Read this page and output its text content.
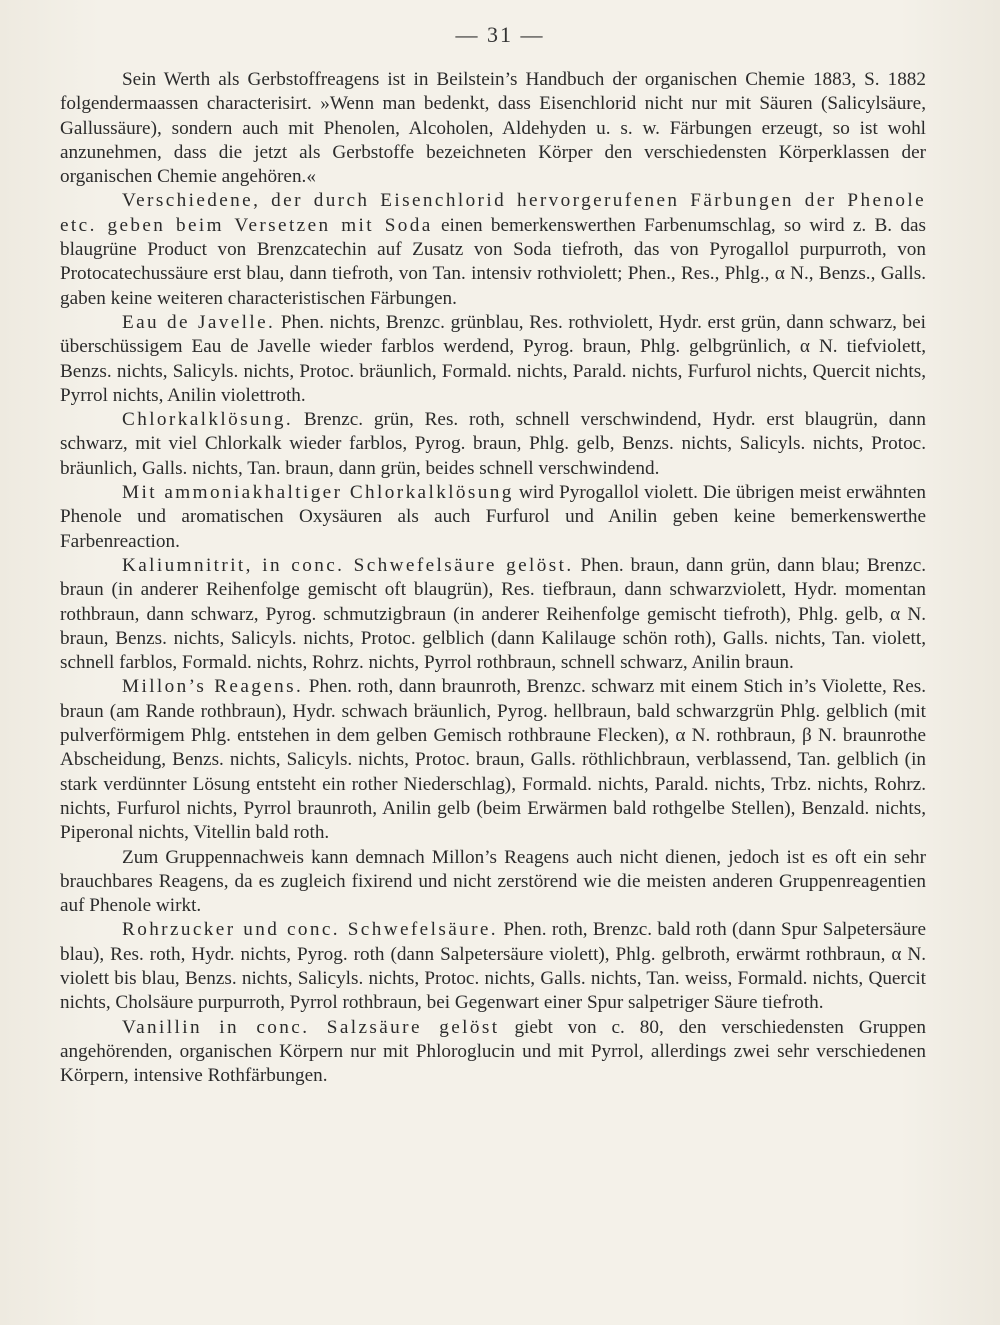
— 31 —

Sein Werth als Gerbstoffreagens ist in Beilstein’s Handbuch der organischen Chemie 1883, S. 1882 folgendermaassen characterisirt. »Wenn man bedenkt, dass Eisenchlorid nicht nur mit Säuren (Salicylsäure, Gallussäure), sondern auch mit Phenolen, Alcoholen, Aldehyden u. s. w. Färbungen erzeugt, so ist wohl anzunehmen, dass die jetzt als Gerbstoffe bezeichneten Körper den verschiedensten Körperklassen der organischen Chemie angehören.«

Verschiedene, der durch Eisenchlorid hervorgerufenen Färbungen der Phenole etc. geben beim Versetzen mit Soda einen bemerkenswerthen Farbenumschlag, so wird z. B. das blaugrüne Product von Brenzcatechin auf Zusatz von Soda tiefroth, das von Pyrogallol purpurroth, von Protocatechussäure erst blau, dann tiefroth, von Tan. intensiv rothviolett; Phen., Res., Phlg., α N., Benzs., Galls. gaben keine weiteren characteristischen Färbungen.

Eau de Javelle. Phen. nichts, Brenzc. grünblau, Res. rothviolett, Hydr. erst grün, dann schwarz, bei überschüssigem Eau de Javelle wieder farblos werdend, Pyrog. braun, Phlg. gelbgrünlich, α N. tiefviolett, Benzs. nichts, Salicyls. nichts, Protoc. bräunlich, Formald. nichts, Parald. nichts, Furfurol nichts, Quercit nichts, Pyrrol nichts, Anilin violettroth.

Chlorkalklösung. Brenzc. grün, Res. roth, schnell verschwindend, Hydr. erst blaugrün, dann schwarz, mit viel Chlorkalk wieder farblos, Pyrog. braun, Phlg. gelb, Benzs. nichts, Salicyls. nichts, Protoc. bräunlich, Galls. nichts, Tan. braun, dann grün, beides schnell verschwindend.

Mit ammoniakhaltiger Chlorkalklösung wird Pyrogallol violett. Die übrigen meist erwähnten Phenole und aromatischen Oxysäuren als auch Furfurol und Anilin geben keine bemerkenswerthe Farbenreaction.

Kaliumnitrit, in conc. Schwefelsäure gelöst. Phen. braun, dann grün, dann blau; Brenzc. braun (in anderer Reihenfolge gemischt oft blaugrün), Res. tiefbraun, dann schwarzviolett, Hydr. momentan rothbraun, dann schwarz, Pyrog. schmutzigbraun (in anderer Reihenfolge gemischt tiefroth), Phlg. gelb, α N. braun, Benzs. nichts, Salicyls. nichts, Protoc. gelblich (dann Kalilauge schön roth), Galls. nichts, Tan. violett, schnell farblos, Formald. nichts, Rohrz. nichts, Pyrrol rothbraun, schnell schwarz, Anilin braun.

Millon’s Reagens. Phen. roth, dann braunroth, Brenzc. schwarz mit einem Stich in’s Violette, Res. braun (am Rande rothbraun), Hydr. schwach bräunlich, Pyrog. hellbraun, bald schwarzgrün Phlg. gelblich (mit pulverförmigem Phlg. entstehen in dem gelben Gemisch rothbraune Flecken), α N. rothbraun, β N. braunrothe Abscheidung, Benzs. nichts, Salicyls. nichts, Protoc. braun, Galls. röthlichbraun, verblassend, Tan. gelblich (in stark verdünnter Lösung entsteht ein rother Niederschlag), Formald. nichts, Parald. nichts, Trbz. nichts, Rohrz. nichts, Furfurol nichts, Pyrrol braunroth, Anilin gelb (beim Erwärmen bald rothgelbe Stellen), Benzald. nichts, Piperonal nichts, Vitellin bald roth.

Zum Gruppennachweis kann demnach Millon’s Reagens auch nicht dienen, jedoch ist es oft ein sehr brauchbares Reagens, da es zugleich fixirend und nicht zerstörend wie die meisten anderen Gruppenreagentien auf Phenole wirkt.

Rohrzucker und conc. Schwefelsäure. Phen. roth, Brenzc. bald roth (dann Spur Salpetersäure blau), Res. roth, Hydr. nichts, Pyrog. roth (dann Salpetersäure violett), Phlg. gelbroth, erwärmt rothbraun, α N. violett bis blau, Benzs. nichts, Salicyls. nichts, Protoc. nichts, Galls. nichts, Tan. weiss, Formald. nichts, Quercit nichts, Cholsäure purpurroth, Pyrrol rothbraun, bei Gegenwart einer Spur salpetriger Säure tiefroth.

Vanillin in conc. Salzsäure gelöst giebt von c. 80, den verschiedensten Gruppen angehörenden, organischen Körpern nur mit Phloroglucin und mit Pyrrol, allerdings zwei sehr verschiedenen Körpern, intensive Rothfärbungen.
